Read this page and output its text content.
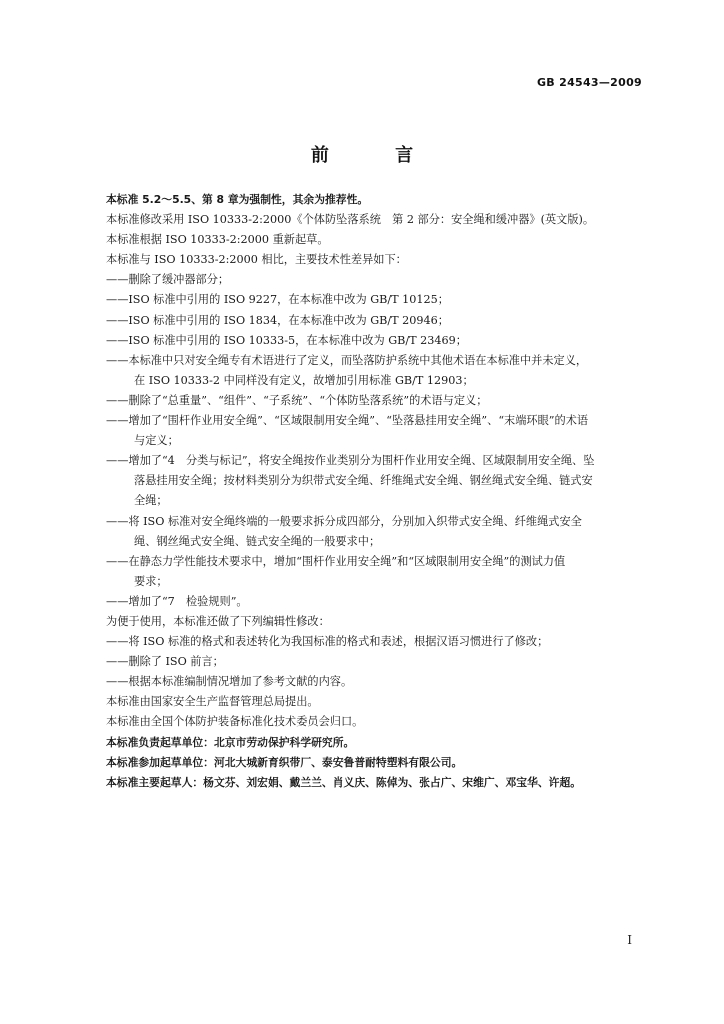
GB 24543—2009
前 言
本标准 5.2～5.5、第 8 章为强制性，其余为推荐性。
本标准修改采用 ISO 10333-2:2000《个体防坠落系统　第 2 部分：安全绳和缓冲器》(英文版)。
本标准根据 ISO 10333-2:2000 重新起草。
本标准与 ISO 10333-2:2000 相比，主要技术性差异如下：
——删除了缓冲器部分；
——ISO 标准中引用的 ISO 9227，在本标准中改为 GB/T 10125；
——ISO 标准中引用的 ISO 1834，在本标准中改为 GB/T 20946；
——ISO 标准中引用的 ISO 10333-5，在本标准中改为 GB/T 23469；
——本标准中只对安全绳专有术语进行了定义，而坠落防护系统中其他术语在本标准中并未定义，
在 ISO 10333-2 中同样没有定义，故增加引用标准 GB/T 12903；
——删除了“总重量”、“组件”、“子系统”、“个体防坠落系统”的术语与定义；
——增加了“围杆作业用安全绳”、“区域限制用安全绳”、“坠落悬挂用安全绳”、“末端环眼”的术语
与定义；
——增加了“4　分类与标记”，将安全绳按作业类别分为围杆作业用安全绳、区域限制用安全绳、坠
落悬挂用安全绳；按材料类别分为织带式安全绳、纤维绳式安全绳、钢丝绳式安全绳、链式安
全绳；
——将 ISO 标准对安全绳终端的一般要求拆分成四部分，分别加入织带式安全绳、纤维绳式安全
绳、钢丝绳式安全绳、链式安全绳的一般要求中；
——在静态力学性能技术要求中，增加“围杆作业用安全绳”和“区域限制用安全绳”的测试力值
要求；
——增加了“7　检验规则”。
为便于使用，本标准还做了下列编辑性修改：
——将 ISO 标准的格式和表述转化为我国标准的格式和表述，根据汉语习惯进行了修改；
——删除了 ISO 前言；
——根据本标准编制情况增加了参考文献的内容。
本标准由国家安全生产监督管理总局提出。
本标准由全国个体防护装备标准化技术委员会归口。
本标准负责起草单位：北京市劳动保护科学研究所。
本标准参加起草单位：河北大城新育织带厂、泰安鲁普耐特塑料有限公司。
本标准主要起草人：杨文芬、刘宏娟、戴兰兰、肖义庆、陈倬为、张占广、宋维广、邓宝华、许超。
I
